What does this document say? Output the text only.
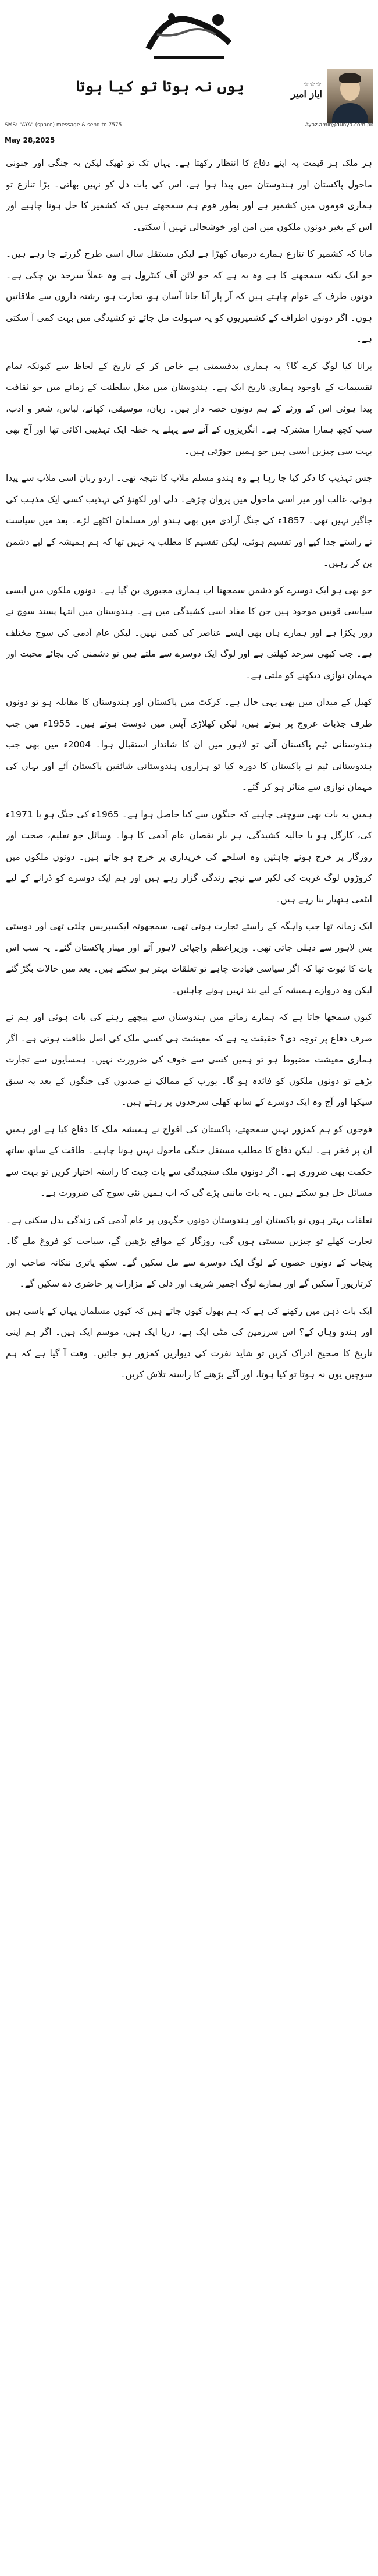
یوں نہ ہوتا تو کیا ہوتا	☆☆☆
ایاز امیر
SMS: "AYA" (space) message & send to 7575	Ayaz.amir@dunya.com.pk
May 28,2025

ہر ملک ہر قیمت پہ اپنے دفاع کا انتظار رکھتا ہے۔ یہاں تک تو ٹھیک لیکن یہ جنگی اور جنونی ماحول پاکستان اور ہندوستان میں پیدا ہوا ہے، اس کی بات دل کو نہیں بھاتی۔ بڑا تنازع تو ہماری قوموں میں کشمیر ہے اور بطور قوم ہم سمجھتے ہیں کہ کشمیر کا حل ہونا چاہیے اور اس کے بغیر دونوں ملکوں میں امن اور خوشحالی نہیں آ سکتی۔

مانا کہ کشمیر کا تنازع ہمارے درمیان کھڑا ہے لیکن مستقل سال اسی طرح گزرتے جا رہے ہیں۔ جو ایک نکتہ سمجھنے کا ہے وہ یہ ہے کہ جو لائن آف کنٹرول ہے وہ عملاً سرحد بن چکی ہے۔ دونوں طرف کے عوام چاہتے ہیں کہ آر پار آنا جانا آسان ہو، تجارت ہو، رشتہ داروں سے ملاقاتیں ہوں۔ اگر دونوں اطراف کے کشمیریوں کو یہ سہولت مل جائے تو کشیدگی میں بہت کمی آ سکتی ہے۔

پرانا کیا لوگ کرے گا؟ یہ ہماری بدقسمتی ہے خاص کر کے تاریخ کے لحاظ سے کیونکہ تمام تقسیمات کے باوجود ہماری تاریخ ایک ہے۔ ہندوستان میں مغل سلطنت کے زمانے میں جو ثقافت پیدا ہوئی اس کے ورثے کے ہم دونوں حصہ دار ہیں۔ زبان، موسیقی، کھانے، لباس، شعر و ادب، سب کچھ ہمارا مشترکہ ہے۔ انگریزوں کے آنے سے پہلے یہ خطہ ایک تہذیبی اکائی تھا اور آج بھی بہت سی چیزیں ایسی ہیں جو ہمیں جوڑتی ہیں۔

جس تہذیب کا ذکر کیا جا رہا ہے وہ ہندو مسلم ملاپ کا نتیجہ تھی۔ اردو زبان اسی ملاپ سے پیدا ہوئی، غالب اور میر اسی ماحول میں پروان چڑھے۔ دلی اور لکھنؤ کی تہذیب کسی ایک مذہب کی جاگیر نہیں تھی۔ 1857ء کی جنگ آزادی میں بھی ہندو اور مسلمان اکٹھے لڑے۔ بعد میں سیاست نے راستے جدا کیے اور تقسیم ہوئی، لیکن تقسیم کا مطلب یہ نہیں تھا کہ ہم ہمیشہ کے لیے دشمن بن کر رہیں۔

جو بھی ہو ایک دوسرے کو دشمن سمجھنا اب ہماری مجبوری بن گیا ہے۔ دونوں ملکوں میں ایسی سیاسی قوتیں موجود ہیں جن کا مفاد اسی کشیدگی میں ہے۔ ہندوستان میں انتہا پسند سوچ نے زور پکڑا ہے اور ہمارے ہاں بھی ایسے عناصر کی کمی نہیں۔ لیکن عام آدمی کی سوچ مختلف ہے۔ جب کبھی سرحد کھلتی ہے اور لوگ ایک دوسرے سے ملتے ہیں تو دشمنی کی بجائے محبت اور مہمان نوازی دیکھنے کو ملتی ہے۔

کھیل کے میدان میں بھی یہی حال ہے۔ کرکٹ میں پاکستان اور ہندوستان کا مقابلہ ہو تو دونوں طرف جذبات عروج پر ہوتے ہیں، لیکن کھلاڑی آپس میں دوست ہوتے ہیں۔ 1955ء میں جب ہندوستانی ٹیم پاکستان آئی تو لاہور میں ان کا شاندار استقبال ہوا۔ 2004ء میں بھی جب ہندوستانی ٹیم نے پاکستان کا دورہ کیا تو ہزاروں ہندوستانی شائقین پاکستان آئے اور یہاں کی مہمان نوازی سے متاثر ہو کر گئے۔

ہمیں یہ بات بھی سوچنی چاہیے کہ جنگوں سے کیا حاصل ہوا ہے۔ 1965ء کی جنگ ہو یا 1971ء کی، کارگل ہو یا حالیہ کشیدگی، ہر بار نقصان عام آدمی کا ہوا۔ وسائل جو تعلیم، صحت اور روزگار پر خرچ ہونے چاہئیں وہ اسلحے کی خریداری پر خرچ ہو جاتے ہیں۔ دونوں ملکوں میں کروڑوں لوگ غربت کی لکیر سے نیچے زندگی گزار رہے ہیں اور ہم ایک دوسرے کو ڈرانے کے لیے ایٹمی ہتھیار بنا رہے ہیں۔

ایک زمانہ تھا جب واہگہ کے راستے تجارت ہوتی تھی، سمجھوتہ ایکسپریس چلتی تھی اور دوستی بس لاہور سے دہلی جاتی تھی۔ وزیراعظم واجپائی لاہور آئے اور مینار پاکستان گئے۔ یہ سب اس بات کا ثبوت تھا کہ اگر سیاسی قیادت چاہے تو تعلقات بہتر ہو سکتے ہیں۔ بعد میں حالات بگڑ گئے لیکن وہ دروازے ہمیشہ کے لیے بند نہیں ہونے چاہئیں۔

کیوں سمجھا جاتا ہے کہ ہمارے زمانے میں ہندوستان سے پیچھے رہنے کی بات ہوئی اور ہم نے صرف دفاع پر توجہ دی؟ حقیقت یہ ہے کہ معیشت ہی کسی ملک کی اصل طاقت ہوتی ہے۔ اگر ہماری معیشت مضبوط ہو تو ہمیں کسی سے خوف کی ضرورت نہیں۔ ہمسایوں سے تجارت بڑھے تو دونوں ملکوں کو فائدہ ہو گا۔ یورپ کے ممالک نے صدیوں کی جنگوں کے بعد یہ سبق سیکھا اور آج وہ ایک دوسرے کے ساتھ کھلی سرحدوں پر رہتے ہیں۔

فوجوں کو ہم کمزور نہیں سمجھتے، پاکستان کی افواج نے ہمیشہ ملک کا دفاع کیا ہے اور ہمیں ان پر فخر ہے۔ لیکن دفاع کا مطلب مستقل جنگی ماحول نہیں ہونا چاہیے۔ طاقت کے ساتھ ساتھ حکمت بھی ضروری ہے۔ اگر دونوں ملک سنجیدگی سے بات چیت کا راستہ اختیار کریں تو بہت سے مسائل حل ہو سکتے ہیں۔ یہ بات ماننی پڑے گی کہ اب ہمیں نئی سوچ کی ضرورت ہے۔

تعلقات بہتر ہوں تو پاکستان اور ہندوستان دونوں جگہوں پر عام آدمی کی زندگی بدل سکتی ہے۔ تجارت کھلے تو چیزیں سستی ہوں گی، روزگار کے مواقع بڑھیں گے، سیاحت کو فروغ ملے گا۔ پنجاب کے دونوں حصوں کے لوگ ایک دوسرے سے مل سکیں گے۔ سکھ یاتری ننکانہ صاحب اور کرتارپور آ سکیں گے اور ہمارے لوگ اجمیر شریف اور دلی کے مزارات پر حاضری دے سکیں گے۔

ایک بات ذہن میں رکھنے کی ہے کہ ہم بھول کیوں جاتے ہیں کہ کیوں مسلمان یہاں کے باسی ہیں اور ہندو وہاں کے؟ اس سرزمین کی مٹی ایک ہے، دریا ایک ہیں، موسم ایک ہیں۔ اگر ہم اپنی تاریخ کا صحیح ادراک کریں تو شاید نفرت کی دیواریں کمزور ہو جائیں۔ وقت آ گیا ہے کہ ہم سوچیں یوں نہ ہوتا تو کیا ہوتا، اور آگے بڑھنے کا راستہ تلاش کریں۔
